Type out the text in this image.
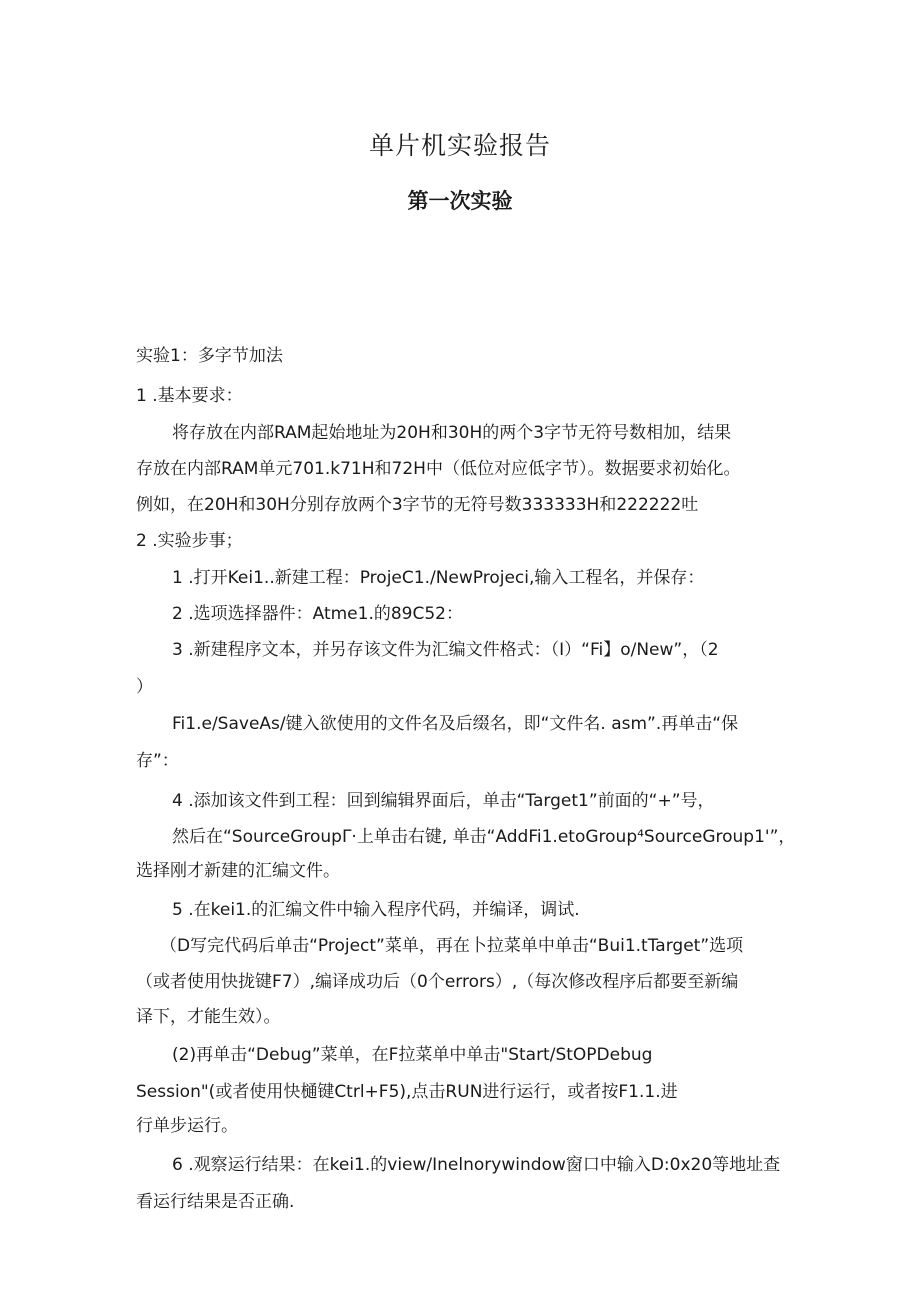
单片机实验报告
第一次实验

实验1：多字节加法

1 .基本要求：

将存放在内部RAM起始地址为20H和30H的两个3字节无符号数相加，结果

存放在内部RAM单元701.k71H和72H中（低位对应低字节）。数据要求初始化。

例如，在20H和30H分别存放两个3字节的无符号数333333H和222222吐

2 .实验步事；

1 .打开Kei1..新建工程：ProjeC1./NewProjeci,输入工程名，并保存：

2 .选项选择器件：Atme1.的89C52：

3 .新建程序文本，并另存该文件为汇编文件格式：（I）“Fi】o/New”，（2

）

Fi1.e/SaveAs/键入欲使用的文件名及后缀名，即“文件名. asm”.再单击“保

存”：

4 .添加该文件到工程：回到编辑界面后，单击“Target1”前面的“+”号，

然后在“SourceGroupΓ·上单击右键, 单击“AddFi1.etoGroup⁴SourceGroup1'”，

选择刚才新建的汇编文件。

5 .在kei1.的汇编文件中输入程序代码，并编译，调试.

（D写完代码后单击“Project”菜单，再在卜拉菜单中单击“Bui1.tTarget”选项

（或者使用快拢键F7）,编译成功后（0个errors）,（每次修改程序后都要至新编

译下，才能生效）。

(2)再单击“Debug”菜单，在F拉菜单中单击"Start/StOPDebug

Session"(或者使用快樋键Ctrl+F5),点击RUN进行运行，或者按F1.1.进

行单步运行。

6 .观察运行结果：在kei1.的view/Inelnorywindow窗口中输入D:0x20等地址查

看运行结果是否正确.
